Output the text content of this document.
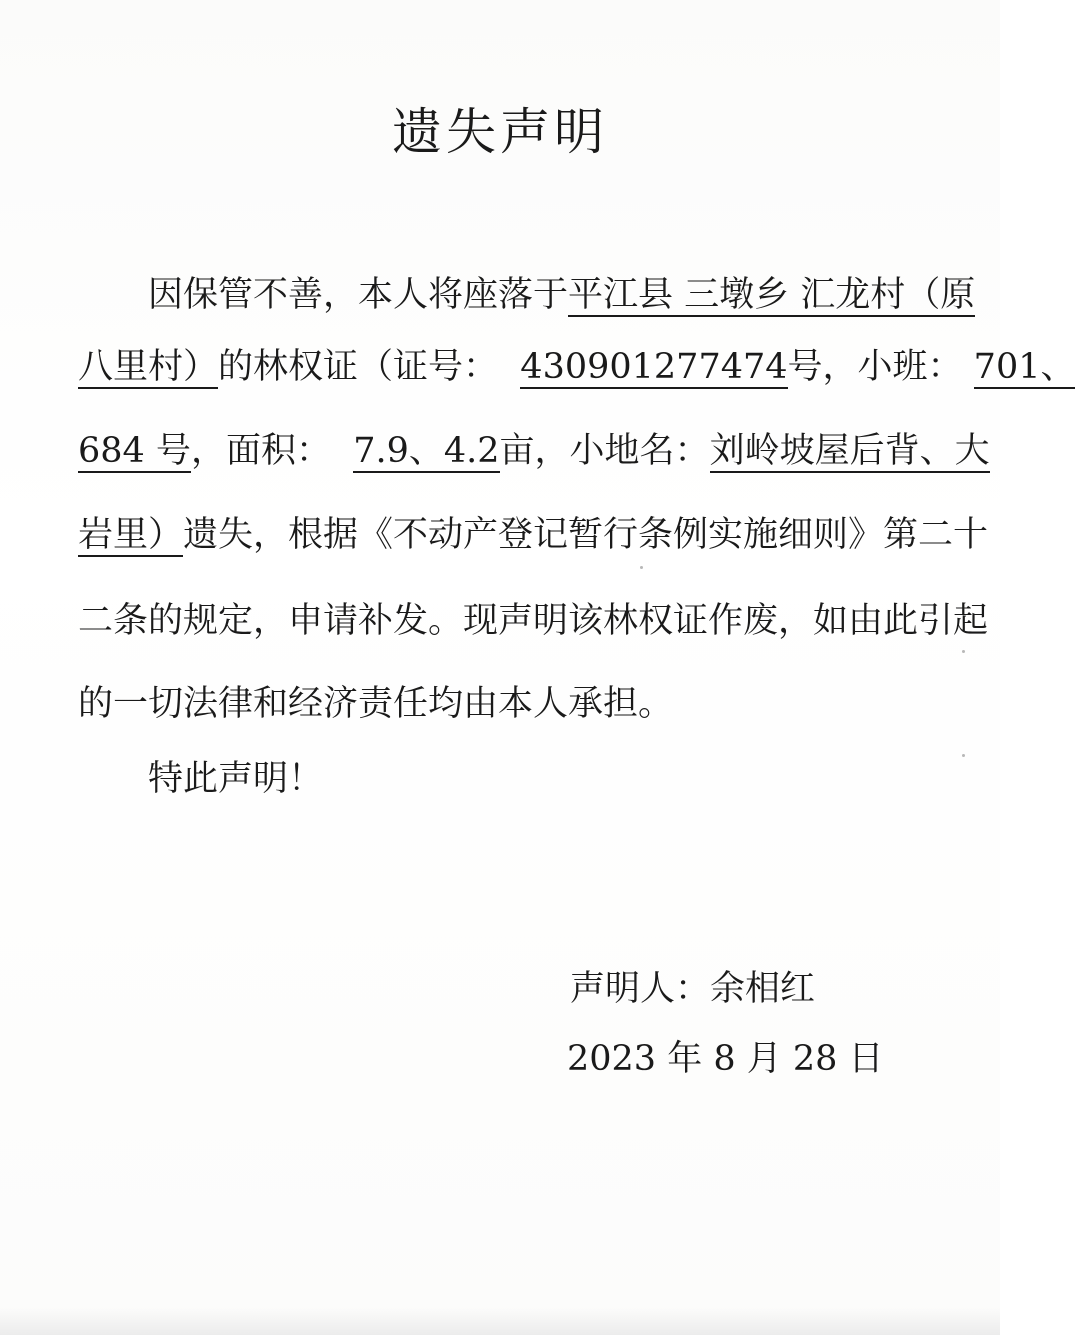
遗失声明
因保管不善，本人将座落于平江县 三墩乡 汇龙村（原
八里村）的林权证（证号： 430901277474号，小班： 701、
684 号，面积： 7.9、4.2亩，小地名：刘岭坡屋后背、大
岩里）遗失，根据《不动产登记暂行条例实施细则》第二十
二条的规定，申请补发。现声明该林权证作废，如由此引起
的一切法律和经济责任均由本人承担。
特此声明！
声明人：余相红
2023 年 8 月 28 日
